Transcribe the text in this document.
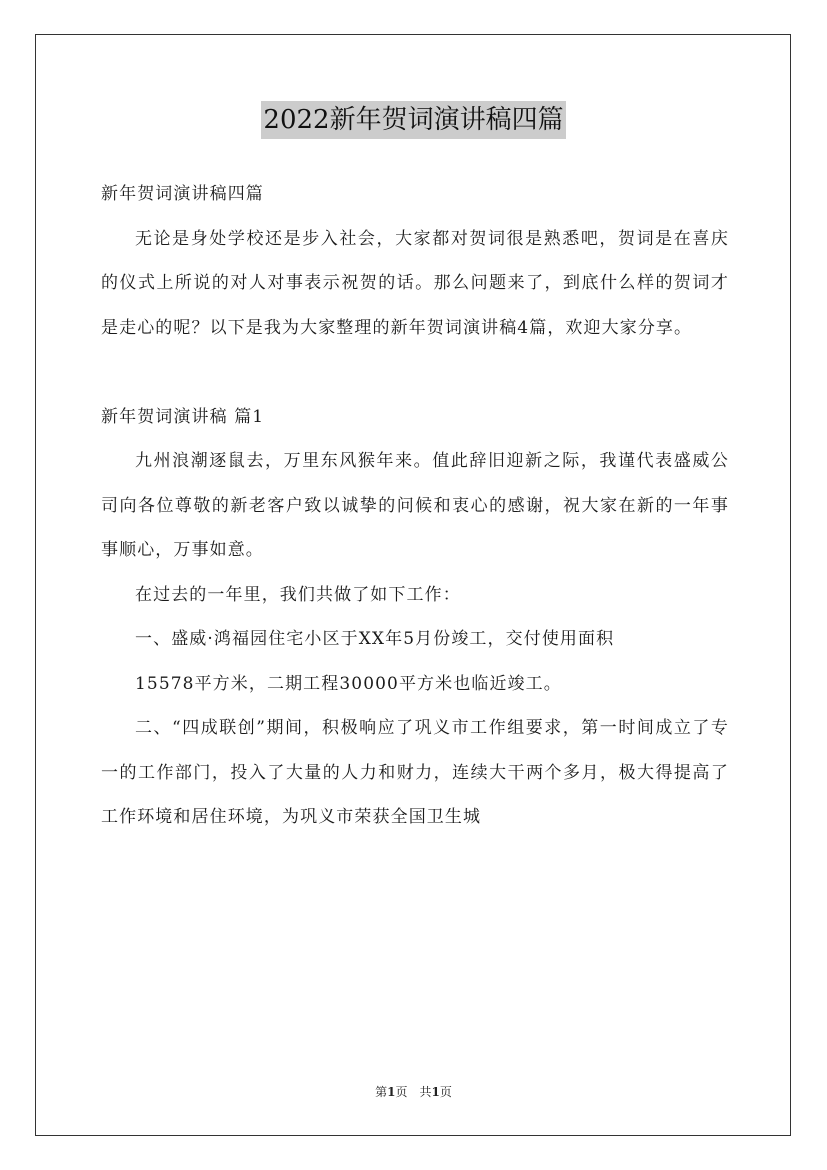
2022新年贺词演讲稿四篇

新年贺词演讲稿四篇

无论是身处学校还是步入社会，大家都对贺词很是熟悉吧，贺词是在喜庆的仪式上所说的对人对事表示祝贺的话。那么问题来了，到底什么样的贺词才是走心的呢？以下是我为大家整理的新年贺词演讲稿4篇，欢迎大家分享。

新年贺词演讲稿 篇1

九州浪潮逐鼠去，万里东风猴年来。值此辞旧迎新之际，我谨代表盛威公司向各位尊敬的新老客户致以诚挚的问候和衷心的感谢，祝大家在新的一年事事顺心，万事如意。

在过去的一年里，我们共做了如下工作：

一、盛威·鸿福园住宅小区于XX年5月份竣工，交付使用面积

15578平方米，二期工程30000平方米也临近竣工。

二、“四成联创”期间，积极响应了巩义市工作组要求，第一时间成立了专一的工作部门，投入了大量的人力和财力，连续大干两个多月，极大得提高了工作环境和居住环境，为巩义市荣获全国卫生城

第1页　共1页
